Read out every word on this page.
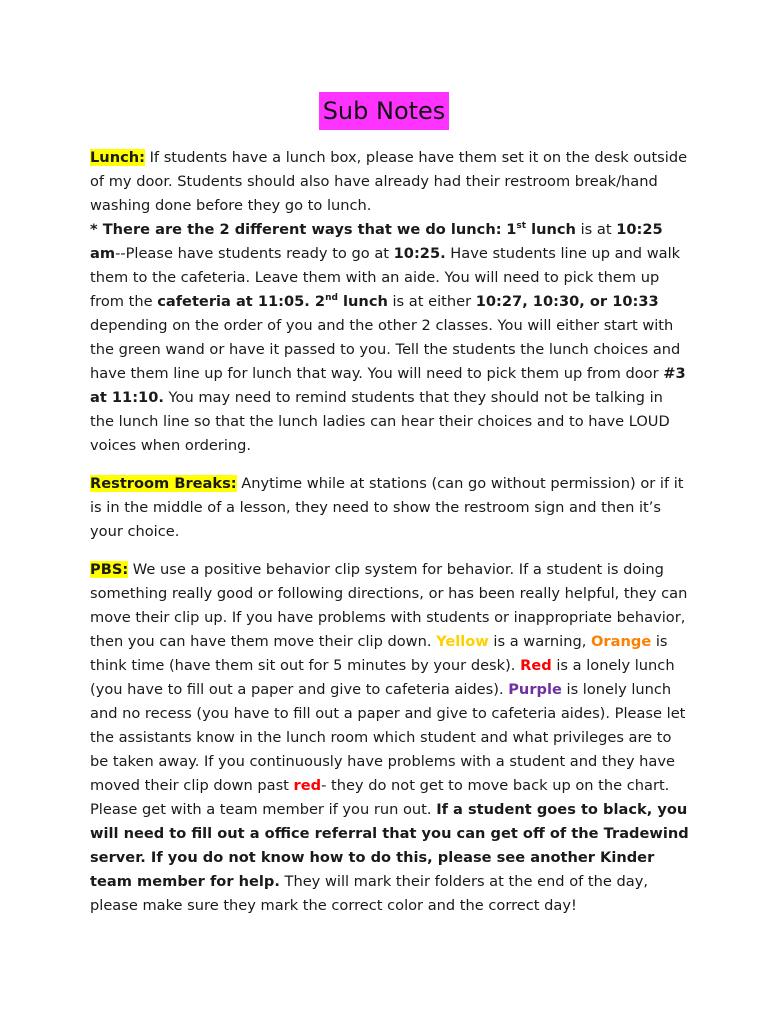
Sub Notes

Lunch: If students have a lunch box, please have them set it on the desk outside of my door. Students should also have already had their restroom break/hand washing done before they go to lunch.
* There are the 2 different ways that we do lunch: 1st lunch is at 10:25 am--Please have students ready to go at 10:25. Have students line up and walk them to the cafeteria. Leave them with an aide. You will need to pick them up from the cafeteria at 11:05. 2nd lunch is at either 10:27, 10:30, or 10:33 depending on the order of you and the other 2 classes. You will either start with the green wand or have it passed to you. Tell the students the lunch choices and have them line up for lunch that way. You will need to pick them up from door #3 at 11:10. You may need to remind students that they should not be talking in the lunch line so that the lunch ladies can hear their choices and to have LOUD voices when ordering.

Restroom Breaks: Anytime while at stations (can go without permission) or if it is in the middle of a lesson, they need to show the restroom sign and then it’s your choice.

PBS: We use a positive behavior clip system for behavior. If a student is doing something really good or following directions, or has been really helpful, they can move their clip up. If you have problems with students or inappropriate behavior, then you can have them move their clip down. Yellow is a warning, Orange is think time (have them sit out for 5 minutes by your desk). Red is a lonely lunch (you have to fill out a paper and give to cafeteria aides). Purple is lonely lunch and no recess (you have to fill out a paper and give to cafeteria aides). Please let the assistants know in the lunch room which student and what privileges are to be taken away. If you continuously have problems with a student and they have moved their clip down past red- they do not get to move back up on the chart. Please get with a team member if you run out. If a student goes to black, you will need to fill out a office referral that you can get off of the Tradewind server. If you do not know how to do this, please see another Kinder team member for help. They will mark their folders at the end of the day, please make sure they mark the correct color and the correct day!
